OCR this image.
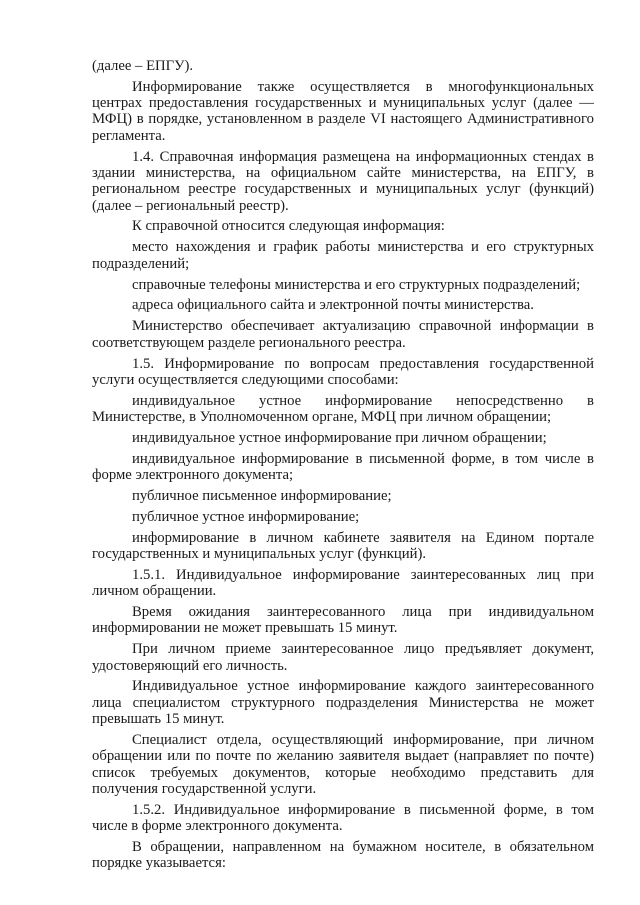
(далее – ЕПГУ).

Информирование также осуществляется в многофункциональных центрах предоставления государственных и муниципальных услуг (далее — МФЦ) в порядке, установленном в разделе VI настоящего Административного регламента.

1.4. Справочная информация размещена на информационных стендах в здании министерства, на официальном сайте министерства, на ЕПГУ, в региональном реестре государственных и муниципальных услуг (функций) (далее – региональный реестр).

К справочной относится следующая информация:

место нахождения и график работы министерства и его структурных подразделений;

справочные телефоны министерства и его структурных подразделений;

адреса официального сайта и электронной почты министерства.

Министерство обеспечивает актуализацию справочной информации в соответствующем разделе регионального реестра.

1.5. Информирование по вопросам предоставления государственной услуги осуществляется следующими способами:

индивидуальное устное информирование непосредственно в Министерстве, в Уполномоченном органе, МФЦ при личном обращении;

индивидуальное устное информирование при личном обращении;

индивидуальное информирование в письменной форме, в том числе в форме электронного документа;

публичное письменное информирование;

публичное устное информирование;

информирование в личном кабинете заявителя на Едином портале государственных и муниципальных услуг (функций).

1.5.1. Индивидуальное информирование заинтересованных лиц при личном обращении.

Время ожидания заинтересованного лица при индивидуальном информировании не может превышать 15 минут.

При личном приеме заинтересованное лицо предъявляет документ, удостоверяющий его личность.

Индивидуальное устное информирование каждого заинтересованного лица специалистом структурного подразделения Министерства не может превышать 15 минут.

Специалист отдела, осуществляющий информирование, при личном обращении или по почте по желанию заявителя выдает (направляет по почте) список требуемых документов, которые необходимо представить для получения государственной услуги.

1.5.2. Индивидуальное информирование в письменной форме, в том числе в форме электронного документа.

В обращении, направленном на бумажном носителе, в обязательном порядке указывается:
